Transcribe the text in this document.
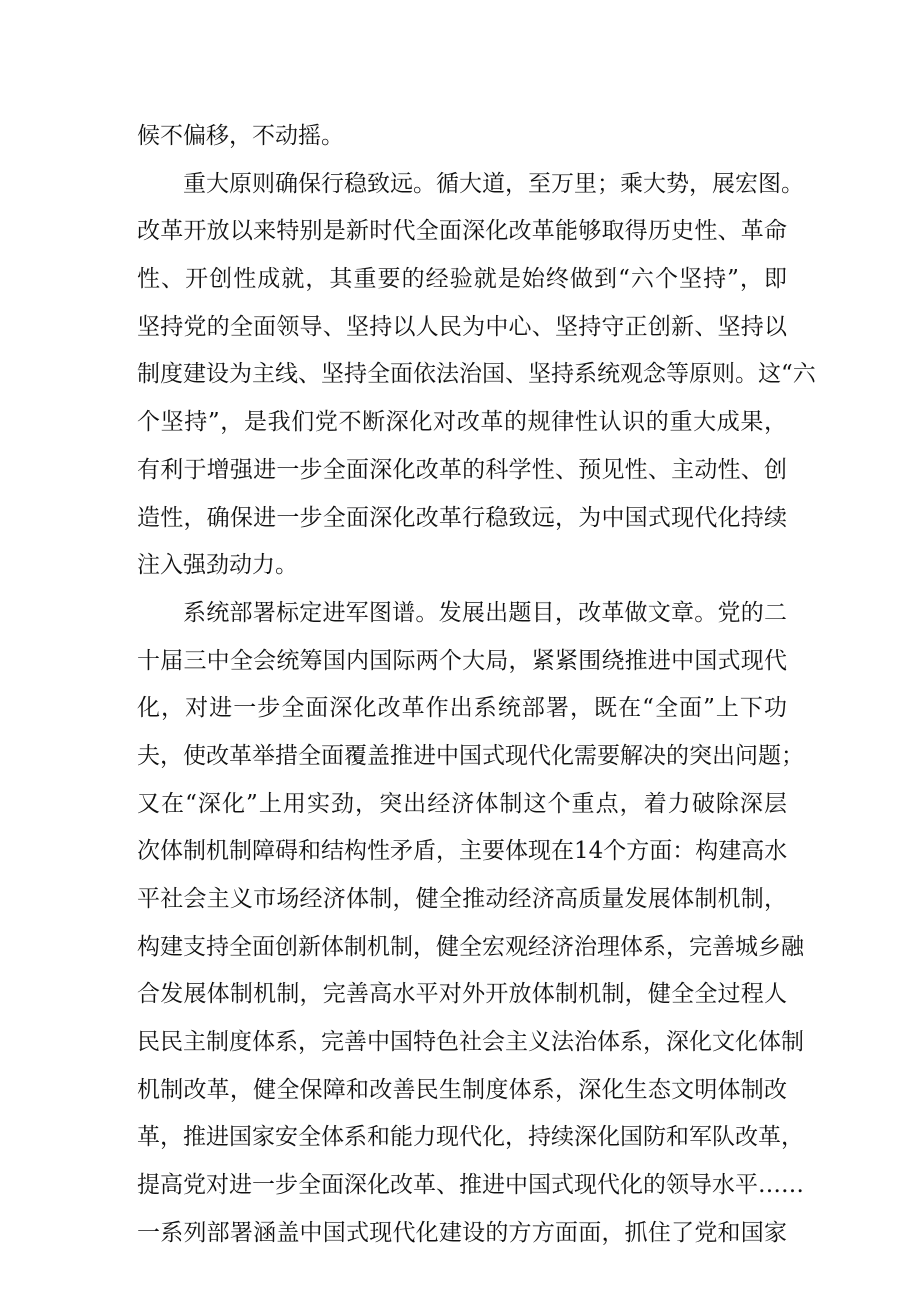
候不偏移，不动摇。
重大原则确保行稳致远。循大道，至万里；乘大势，展宏图。
改革开放以来特别是新时代全面深化改革能够取得历史性、革命
性、开创性成就，其重要的经验就是始终做到“六个坚持”，即
坚持党的全面领导、坚持以人民为中心、坚持守正创新、坚持以
制度建设为主线、坚持全面依法治国、坚持系统观念等原则。这“六
个坚持”，是我们党不断深化对改革的规律性认识的重大成果，
有利于增强进一步全面深化改革的科学性、预见性、主动性、创
造性，确保进一步全面深化改革行稳致远，为中国式现代化持续
注入强劲动力。
系统部署标定进军图谱。发展出题目，改革做文章。党的二
十届三中全会统筹国内国际两个大局，紧紧围绕推进中国式现代
化，对进一步全面深化改革作出系统部署，既在“全面”上下功
夫，使改革举措全面覆盖推进中国式现代化需要解决的突出问题；
又在“深化”上用实劲，突出经济体制这个重点，着力破除深层
次体制机制障碍和结构性矛盾，主要体现在14个方面：构建高水
平社会主义市场经济体制，健全推动经济高质量发展体制机制，
构建支持全面创新体制机制，健全宏观经济治理体系，完善城乡融
合发展体制机制，完善高水平对外开放体制机制，健全全过程人
民民主制度体系，完善中国特色社会主义法治体系，深化文化体制
机制改革，健全保障和改善民生制度体系，深化生态文明体制改
革，推进国家安全体系和能力现代化，持续深化国防和军队改革，
提高党对进一步全面深化改革、推进中国式现代化的领导水平……
一系列部署涵盖中国式现代化建设的方方面面，抓住了党和国家
